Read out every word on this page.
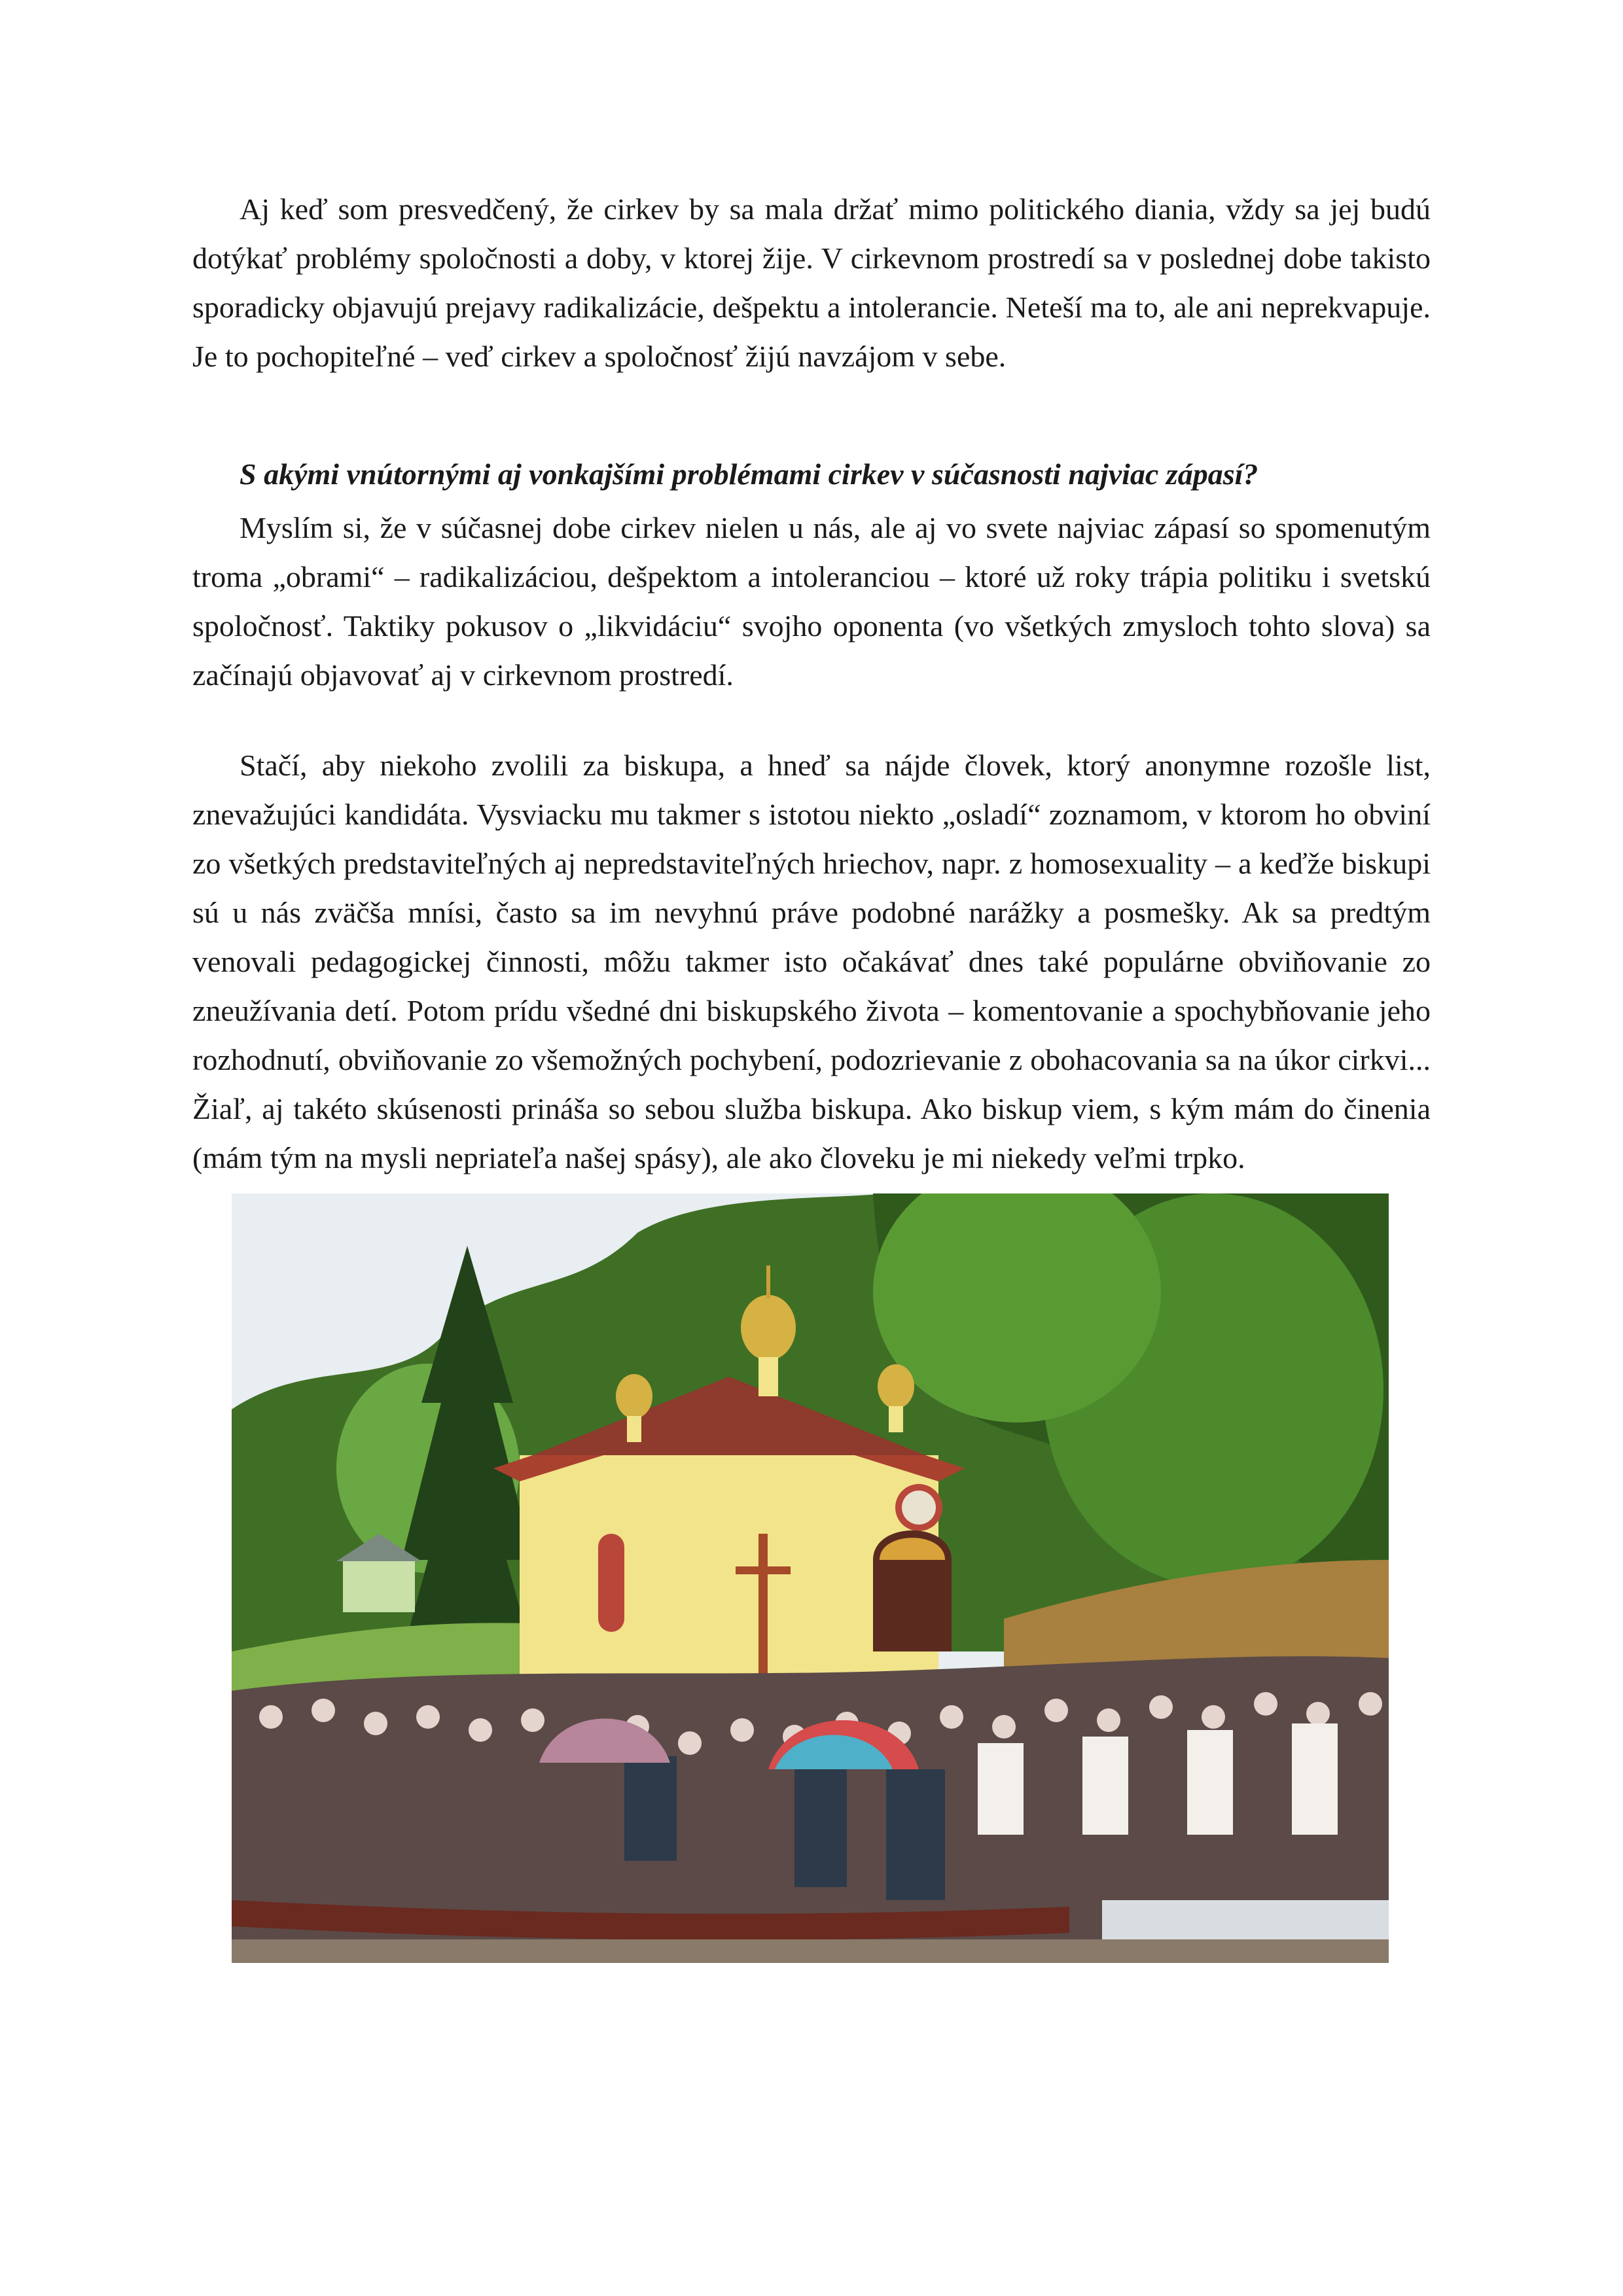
Aj keď som presvedčený, že cirkev by sa mala držať mimo politického diania, vždy sa jej budú dotýkať problémy spoločnosti a doby, v ktorej žije. V cirkevnom prostredí sa v poslednej dobe takisto sporadicky objavujú prejavy radikalizácie, dešpektu a intolerancie. Neteší ma to, ale ani neprekvapuje. Je to pochopiteľné – veď cirkev a spoločnosť žijú navzájom v sebe.

S akými vnútornými aj vonkajšími problémami cirkev v súčasnosti najviac zápasí?

Myslím si, že v súčasnej dobe cirkev nielen u nás, ale aj vo svete najviac zápasí so spomenutým troma „obrami“ – radikalizáciou, dešpektom a intoleranciou – ktoré už roky trápia politiku i svetskú spoločnosť. Taktiky pokusov o „likvidáciu“ svojho oponenta (vo všetkých zmysloch tohto slova) sa začínajú objavovať aj v cirkevnom prostredí.

Stačí, aby niekoho zvolili za biskupa, a hneď sa nájde človek, ktorý anonymne rozošle list, znevažujúci kandidáta. Vysviacku mu takmer s istotou niekto „osladí“ zoznamom, v ktorom ho obviní zo všetkých predstaviteľných aj nepredstaviteľných hriechov, napr. z homosexuality – a keďže biskupi sú u nás zväčša mnísi, často sa im nevyhnú práve podobné narážky a posmešky. Ak sa predtým venovali pedagogickej činnosti, môžu takmer isto očakávať dnes také populárne obviňovanie zo zneužívania detí. Potom prídu všedné dni biskupského života – komentovanie a spochybňovanie jeho rozhodnutí, obviňovanie zo všemožných pochybení, podozrievanie z obohacovania sa na úkor cirkvi... Žiaľ, aj takéto skúsenosti prináša so sebou služba biskupa. Ako biskup viem, s kým mám do činenia (mám tým na mysli nepriateľa našej spásy), ale ako človeku je mi niekedy veľmi trpko.
